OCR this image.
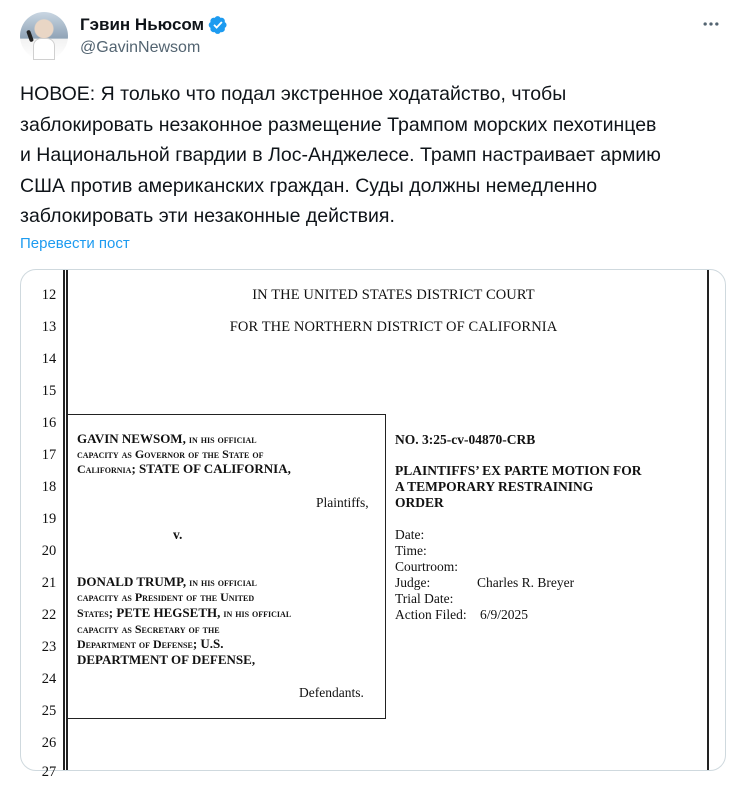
Гэвин Ньюсом
@GavinNewsom
НОВОЕ: Я только что подал экстренное ходатайство, чтобы
заблокировать незаконное размещение Трампом морских пехотинцев
и Национальной гвардии в Лос-Анджелесе. Трамп настраивает армию
США против американских граждан. Суды должны немедленно
заблокировать эти незаконные действия.
Перевести пост
12
13
14
15
16
17
18
19
20
21
22
23
24
25
26
27
IN THE UNITED STATES DISTRICT COURT
FOR THE NORTHERN DISTRICT OF CALIFORNIA
GAVIN NEWSOM, in his official
capacity as Governor of the State of
California; STATE OF CALIFORNIA,
Plaintiffs,
v.
DONALD TRUMP, in his official
capacity as President of the United
States; PETE HEGSETH, in his official
capacity as Secretary of the
Department of Defense; U.S.
DEPARTMENT OF DEFENSE,
Defendants.
NO. 3:25-cv-04870-CRB
PLAINTIFFS’ EX PARTE MOTION FOR
A TEMPORARY RESTRAINING
ORDER
Date:
Time:
Courtroom:
Judge:	Charles R. Breyer
Trial Date:
Action Filed: 6/9/2025
